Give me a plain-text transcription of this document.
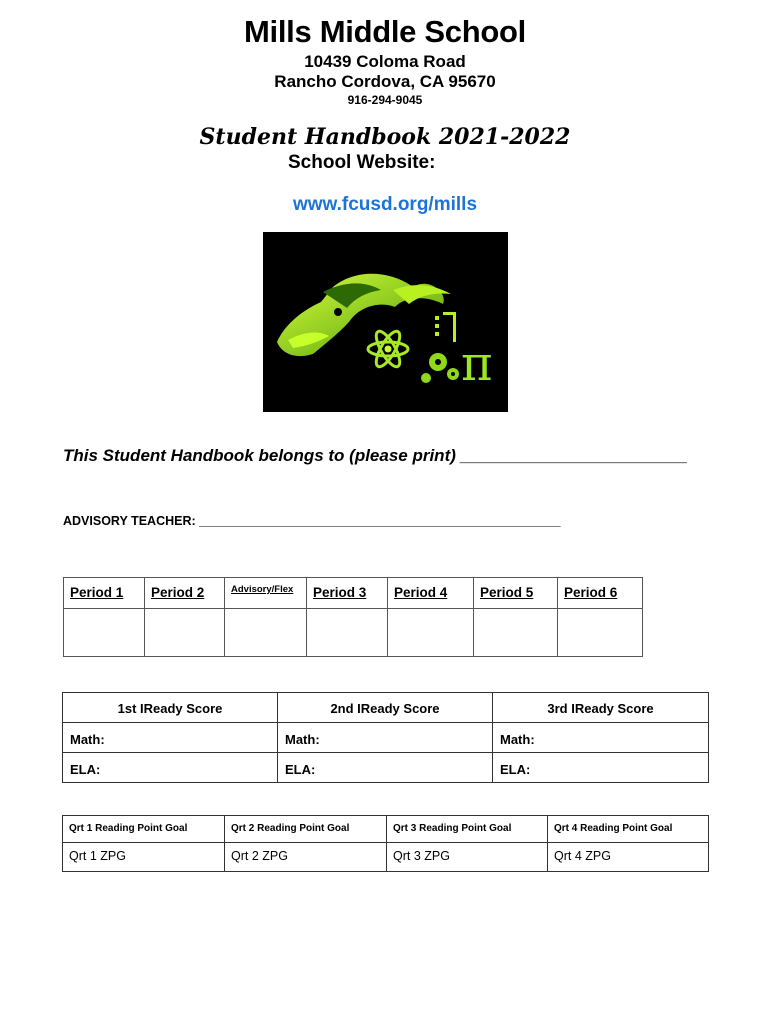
Mills Middle School
10439 Coloma Road
Rancho Cordova, CA 95670
916-294-9045
Student Handbook 2021-2022
School Website:
www.fcusd.org/mills
π
This Student Handbook belongs to (please print) ________________________
ADVISORY TEACHER: ____________________________________________________
Period 1	Period 2	Advisory/Flex	Period 3	Period 4	Period 5	Period 6

1st IReady Score	2nd IReady Score	3rd IReady Score
Math:	Math:	Math:
ELA:	ELA:	ELA:
Qrt 1 Reading Point Goal	Qrt 2 Reading Point Goal	Qrt 3 Reading Point Goal	Qrt 4 Reading Point Goal
Qrt 1 ZPG	Qrt 2 ZPG	Qrt 3 ZPG	Qrt 4 ZPG
